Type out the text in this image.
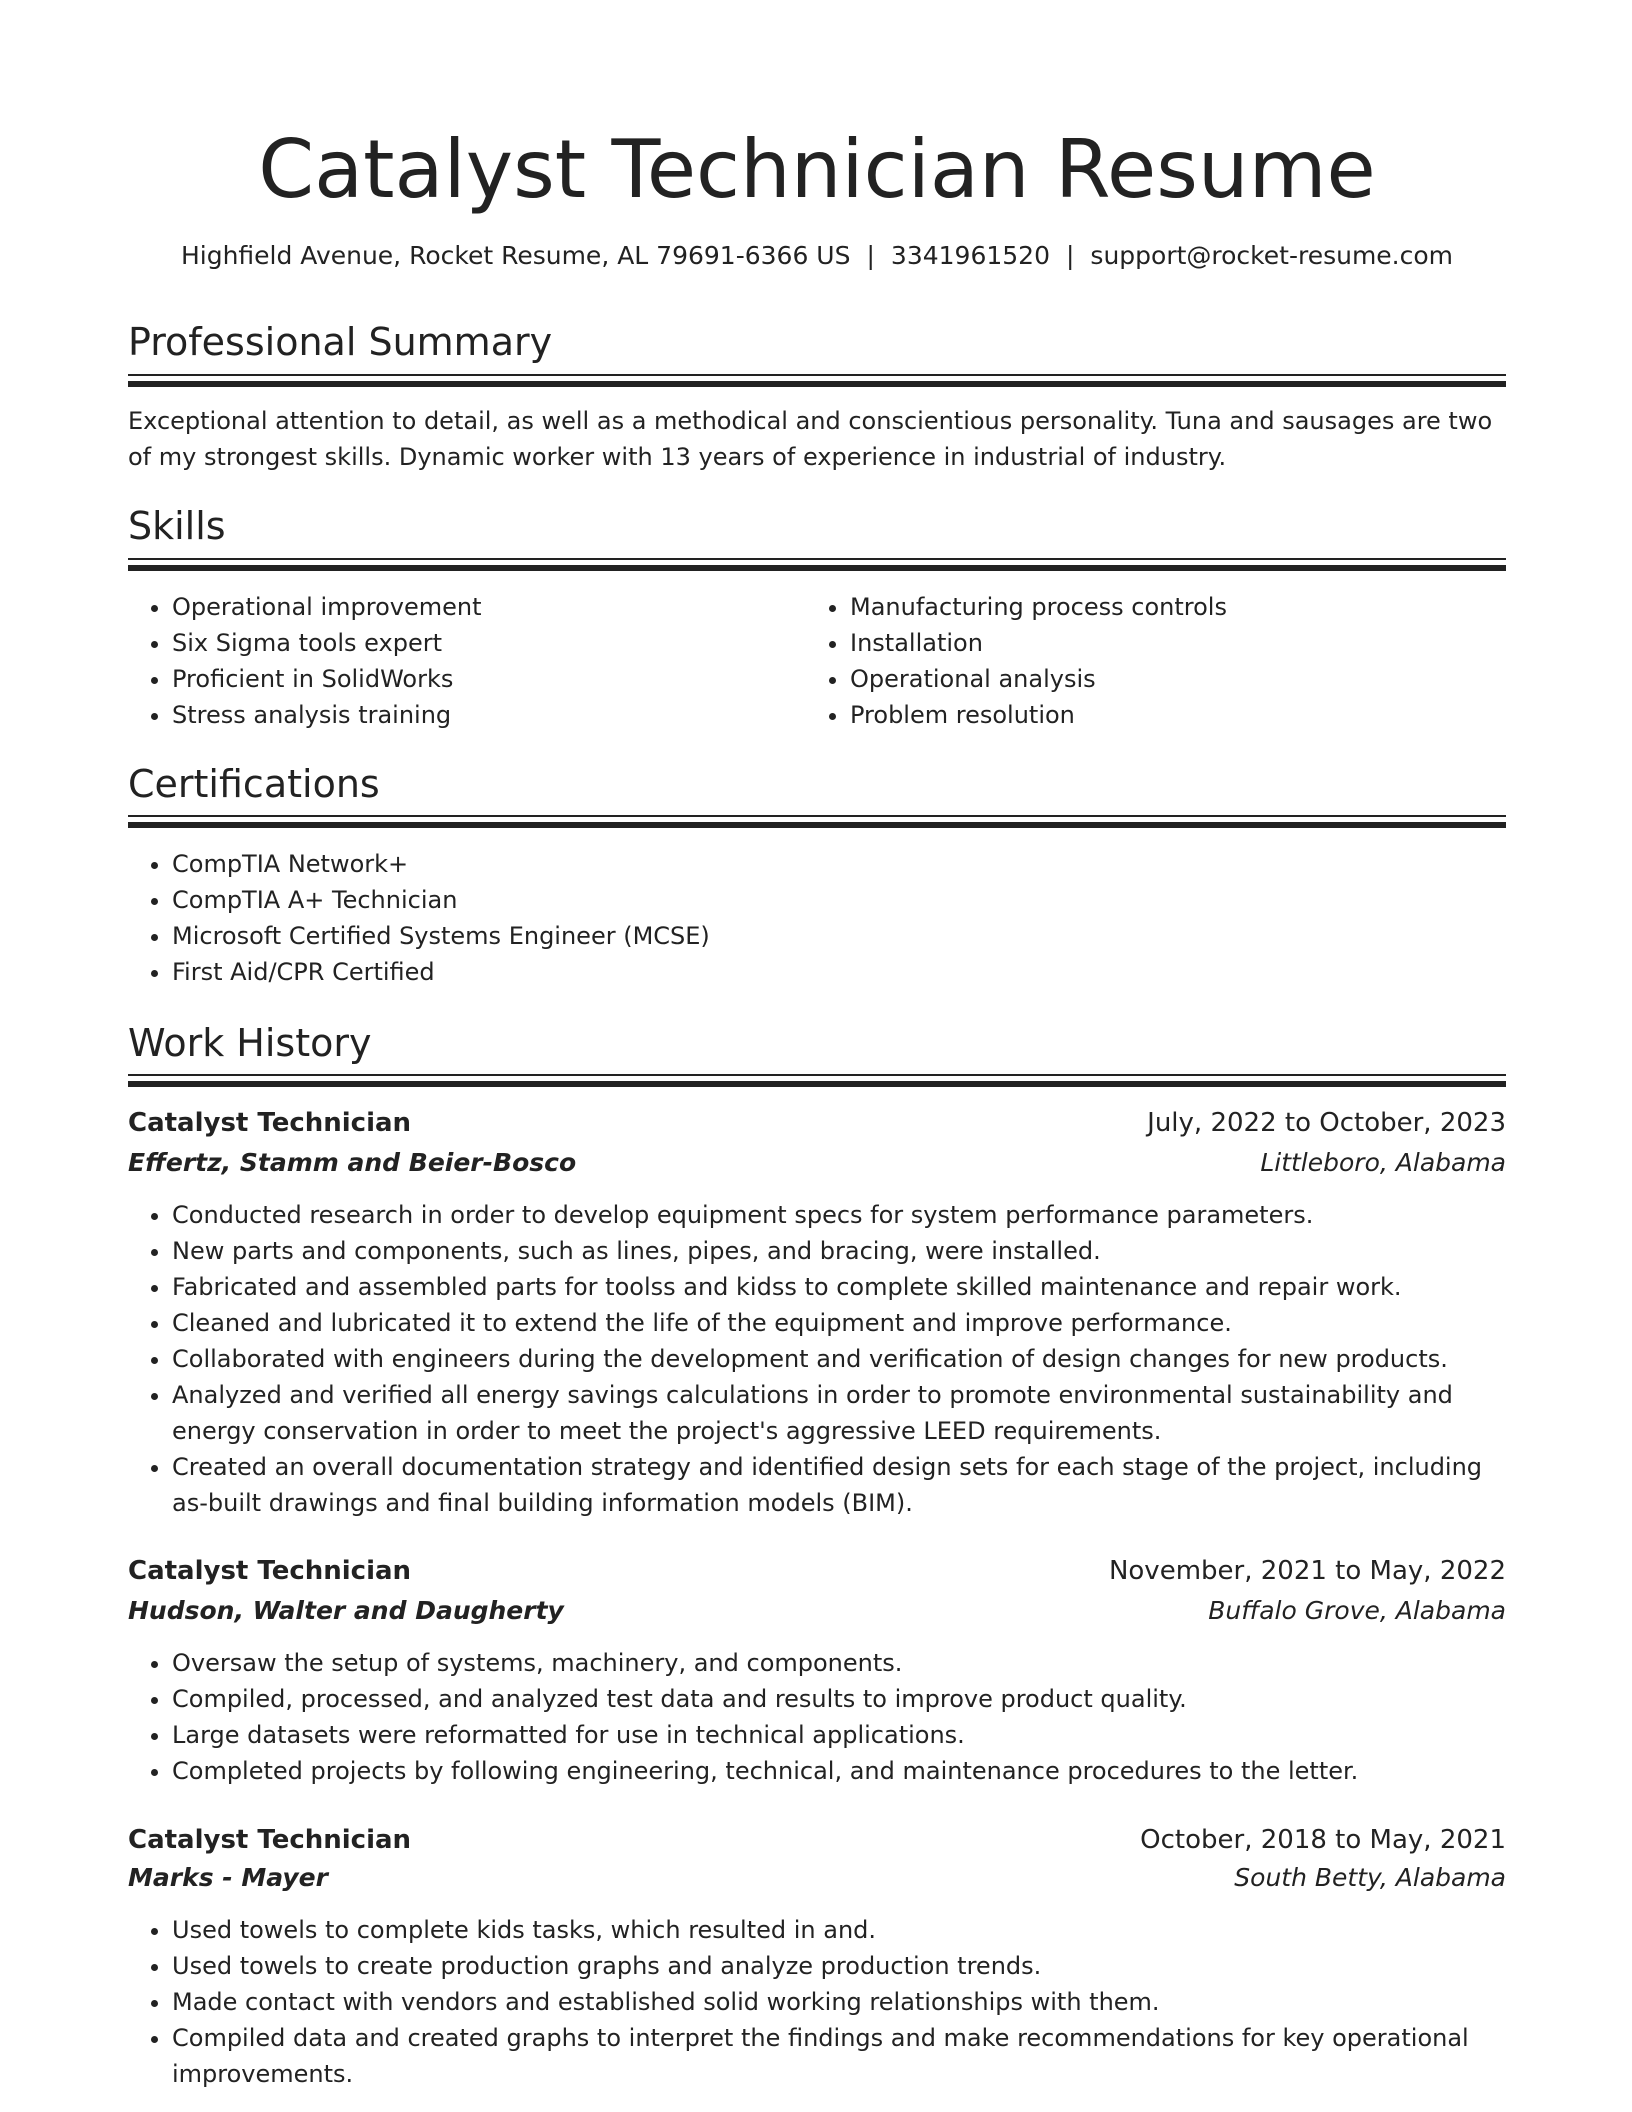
Catalyst Technician Resume
Highfield Avenue, Rocket Resume, AL 79691-6366 US | 3341961520 | support@rocket-resume.com
Professional Summary

Exceptional attention to detail, as well as a methodical and conscientious personality. Tuna and sausages are two of my strongest skills. Dynamic worker with 13 years of experience in industrial of industry.

Skills
• Operational improvement
• Six Sigma tools expert
• Proficient in SolidWorks
• Stress analysis training
• Manufacturing process controls
• Installation
• Operational analysis
• Problem resolution
Certifications
• CompTIA Network+
• CompTIA A+ Technician
• Microsoft Certified Systems Engineer (MCSE)
• First Aid/CPR Certified
Work History
Catalyst Technician	July, 2022 to October, 2023
Effertz, Stamm and Beier-Bosco	Littleboro, Alabama
• Conducted research in order to develop equipment specs for system performance parameters.
• New parts and components, such as lines, pipes, and bracing, were installed.
• Fabricated and assembled parts for toolss and kidss to complete skilled maintenance and repair work.
• Cleaned and lubricated it to extend the life of the equipment and improve performance.
• Collaborated with engineers during the development and verification of design changes for new products.
• Analyzed and verified all energy savings calculations in order to promote environmental sustainability and energy conservation in order to meet the project's aggressive LEED requirements.
• Created an overall documentation strategy and identified design sets for each stage of the project, including as-built drawings and final building information models (BIM).
Catalyst Technician	November, 2021 to May, 2022
Hudson, Walter and Daugherty	Buffalo Grove, Alabama
• Oversaw the setup of systems, machinery, and components.
• Compiled, processed, and analyzed test data and results to improve product quality.
• Large datasets were reformatted for use in technical applications.
• Completed projects by following engineering, technical, and maintenance procedures to the letter.
Catalyst Technician	October, 2018 to May, 2021
Marks - Mayer	South Betty, Alabama
• Used towels to complete kids tasks, which resulted in and.
• Used towels to create production graphs and analyze production trends.
• Made contact with vendors and established solid working relationships with them.
• Compiled data and created graphs to interpret the findings and make recommendations for key operational improvements.
